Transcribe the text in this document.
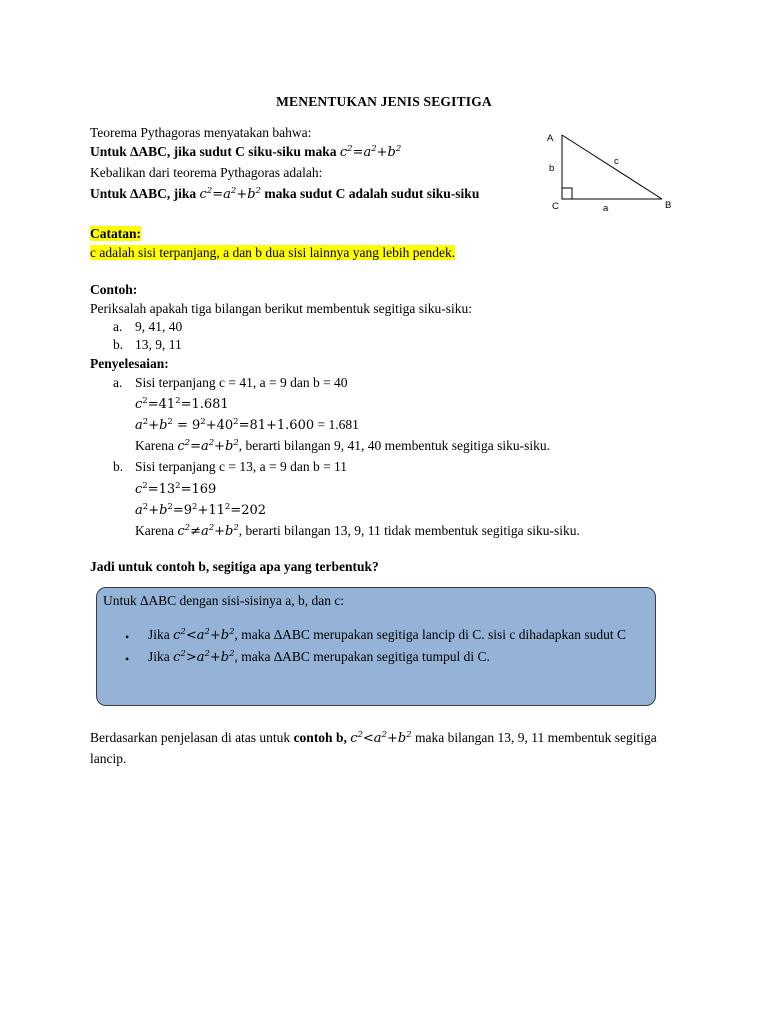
MENENTUKAN JENIS SEGITIGA
Teorema Pythagoras menyatakan bahwa:
Untuk ∆ABC, jika sudut C siku-siku maka $c^2=a^2+b^2$
Kebalikan dari teorema Pythagoras adalah:
Untuk ∆ABC, jika $c^2=a^2+b^2$ maka sudut C adalah sudut siku-siku
A
B
C	a
b
c
Catatan:
c adalah sisi terpanjang, a dan b dua sisi lainnya yang lebih pendek.
Contoh:
Periksalah apakah tiga bilangan berikut membentuk segitiga siku-siku:
a. 9, 41, 40
b. 13, 9, 11
Penyelesaian:
a. Sisi terpanjang c = 41, a = 9 dan b = 40
$c^2=41^2=1.681$
$a^2+b^2 = 9^2+40^2=81+1.600 = 1.681$
Karena $c^2=a^2+b^2$, berarti bilangan 9, 41, 40 membentuk segitiga siku-siku.
b. Sisi terpanjang c = 13, a = 9 dan b = 11
$c^2=13^2=169$
$a^2+b^2=9^2+11^2=202$
Karena $c^2\ne a^2+b^2$, berarti bilangan 13, 9, 11 tidak membentuk segitiga siku-siku.
Jadi untuk contoh b, segitiga apa yang terbentuk?
Untuk ∆ABC dengan sisi-sisinya a, b, dan c:
• Jika $c^2<a^2+b^2$, maka ∆ABC merupakan segitiga lancip di C. sisi c dihadapkan sudut C
• Jika $c^2>a^2+b^2$, maka ∆ABC merupakan segitiga tumpul di C.
Berdasarkan penjelasan di atas untuk contoh b, $c^2<a^2+b^2$ maka bilangan 13, 9, 11 membentuk segitiga
lancip.
